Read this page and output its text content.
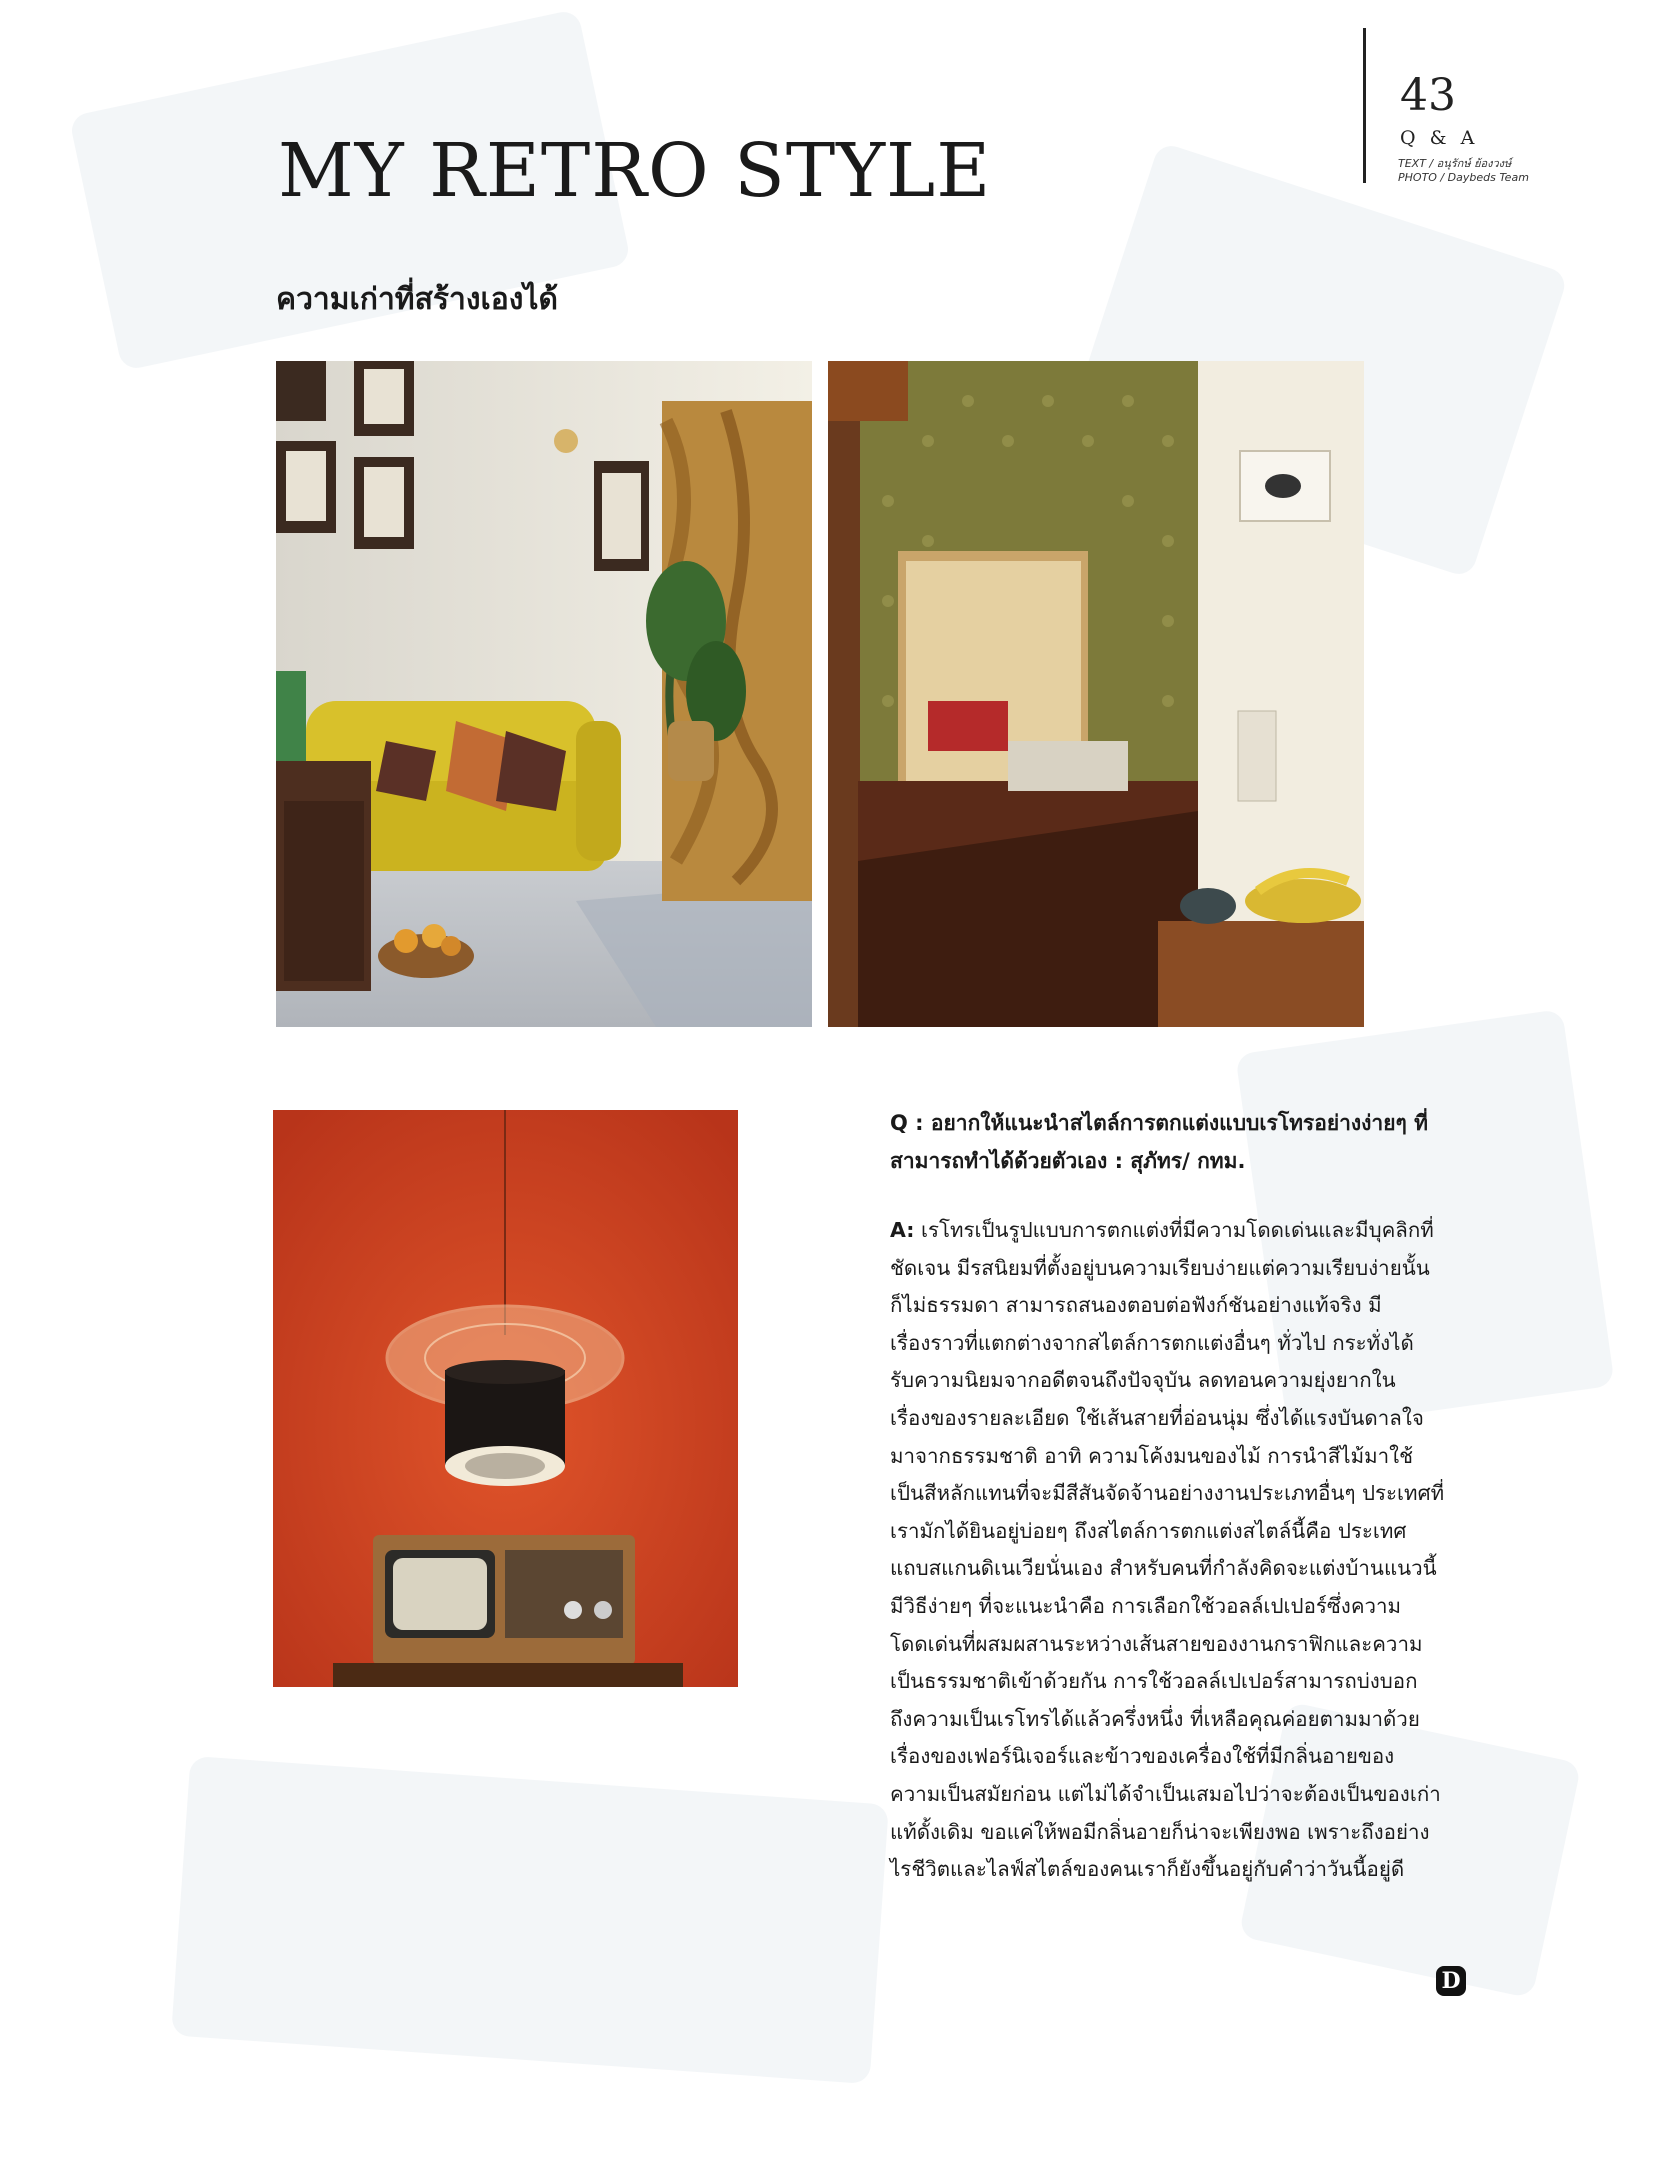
43
Q & A
TEXT / อนุรักษ์ ย้องวงษ์
PHOTO / Daybeds Team
MY RETRO STYLE
ความเก่าที่สร้างเองได้
Q : อยากให้แนะนำสไตล์การตกแต่งแบบเรโทรอย่างง่ายๆ ที่สามารถทำได้ด้วยตัวเอง : สุภัทร/ กทม.
A: เรโทรเป็นรูปแบบการตกแต่งที่มีความโดดเด่นและมีบุคลิกที่
ชัดเจน มีรสนิยมที่ตั้งอยู่บนความเรียบง่ายแต่ความเรียบง่ายนั้น
ก็ไม่ธรรมดา สามารถสนองตอบต่อฟังก์ชันอย่างแท้จริง มี
เรื่องราวที่แตกต่างจากสไตล์การตกแต่งอื่นๆ ทั่วไป กระทั่งได้
รับความนิยมจากอดีตจนถึงปัจจุบัน ลดทอนความยุ่งยากใน
เรื่องของรายละเอียด ใช้เส้นสายที่อ่อนนุ่ม ซึ่งได้แรงบันดาลใจ
มาจากธรรมชาติ อาทิ ความโค้งมนของไม้ การนำสีไม้มาใช้
เป็นสีหลักแทนที่จะมีสีสันจัดจ้านอย่างงานประเภทอื่นๆ ประเทศที่
เรามักได้ยินอยู่บ่อยๆ ถึงสไตล์การตกแต่งสไตล์นี้คือ ประเทศ
แถบสแกนดิเนเวียนั่นเอง สำหรับคนที่กำลังคิดจะแต่งบ้านแนวนี้
มีวิธีง่ายๆ ที่จะแนะนำคือ การเลือกใช้วอลล์เปเปอร์ซึ่งความ
โดดเด่นที่ผสมผสานระหว่างเส้นสายของงานกราฟิกและความ
เป็นธรรมชาติเข้าด้วยกัน การใช้วอลล์เปเปอร์สามารถบ่งบอก
ถึงความเป็นเรโทรได้แล้วครึ่งหนึ่ง ที่เหลือคุณค่อยตามมาด้วย
เรื่องของเฟอร์นิเจอร์และข้าวของเครื่องใช้ที่มีกลิ่นอายของ
ความเป็นสมัยก่อน แต่ไม่ได้จำเป็นเสมอไปว่าจะต้องเป็นของเก่า
แท้ดั้งเดิม ขอแค่ให้พอมีกลิ่นอายก็น่าจะเพียงพอ เพราะถึงอย่าง
ไรชีวิตและไลฟ์สไตล์ของคนเราก็ยังขึ้นอยู่กับคำว่าวันนี้อยู่ดี
D
